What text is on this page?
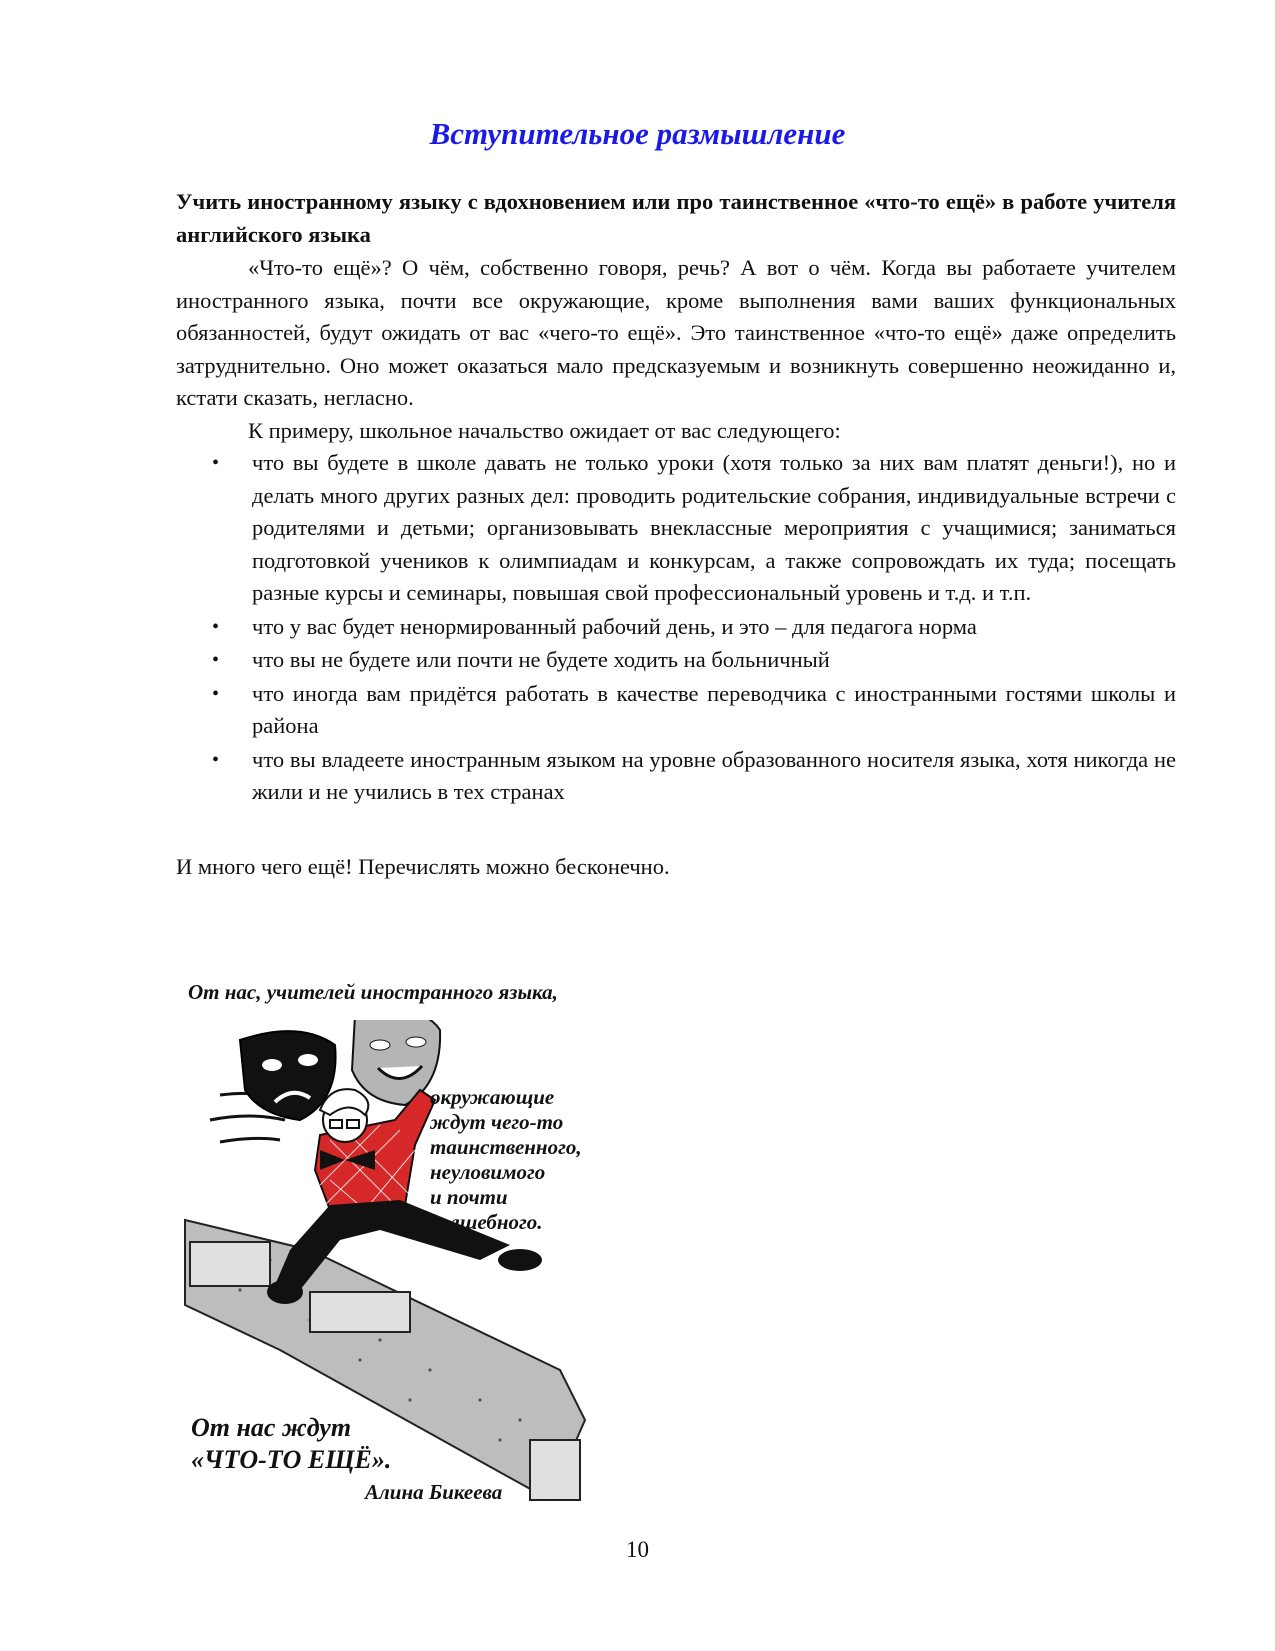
Вступительное размышление

Учить иностранному языку с вдохновением или про таинственное «что-то ещё» в работе учителя английского языка

«Что-то ещё»? О чём, собственно говоря, речь? А вот о чём. Когда вы работаете учителем иностранного языка, почти все окружающие, кроме выполнения вами ваших функциональных обязанностей, будут ожидать от вас «чего-то ещё». Это таинственное «что-то ещё» даже определить затруднительно. Оно может оказаться мало предсказуемым и возникнуть совершенно неожиданно и, кстати сказать, негласно.

К примеру, школьное начальство ожидает от вас следующего:

• что вы будете в школе давать не только уроки (хотя только за них вам платят деньги!), но и делать много других разных дел: проводить родительские собрания, индивидуальные встречи с родителями и детьми; организовывать внеклассные мероприятия с учащимися; заниматься подготовкой учеников к олимпиадам и конкурсам, а также сопровождать их туда; посещать разные курсы и семинары, повышая свой профессиональный уровень и т.д. и т.п.
• что у вас будет ненормированный рабочий день, и это – для педагога норма
• что вы не будете или почти не будете ходить на больничный
• что иногда вам придётся работать в качестве переводчика с иностранными гостями школы и района
• что вы владеете иностранным языком на уровне образованного носителя языка, хотя никогда не жили и не учились в тех странах

И много чего ещё! Перечислять можно бесконечно.

От нас, учителей иностранного языка,
окружающие
ждут чего-то
таинственного,
неуловимого
и почти
волшебного.
От нас ждут
«ЧТО-ТО ЕЩЁ».
Алина Бикеева
10
